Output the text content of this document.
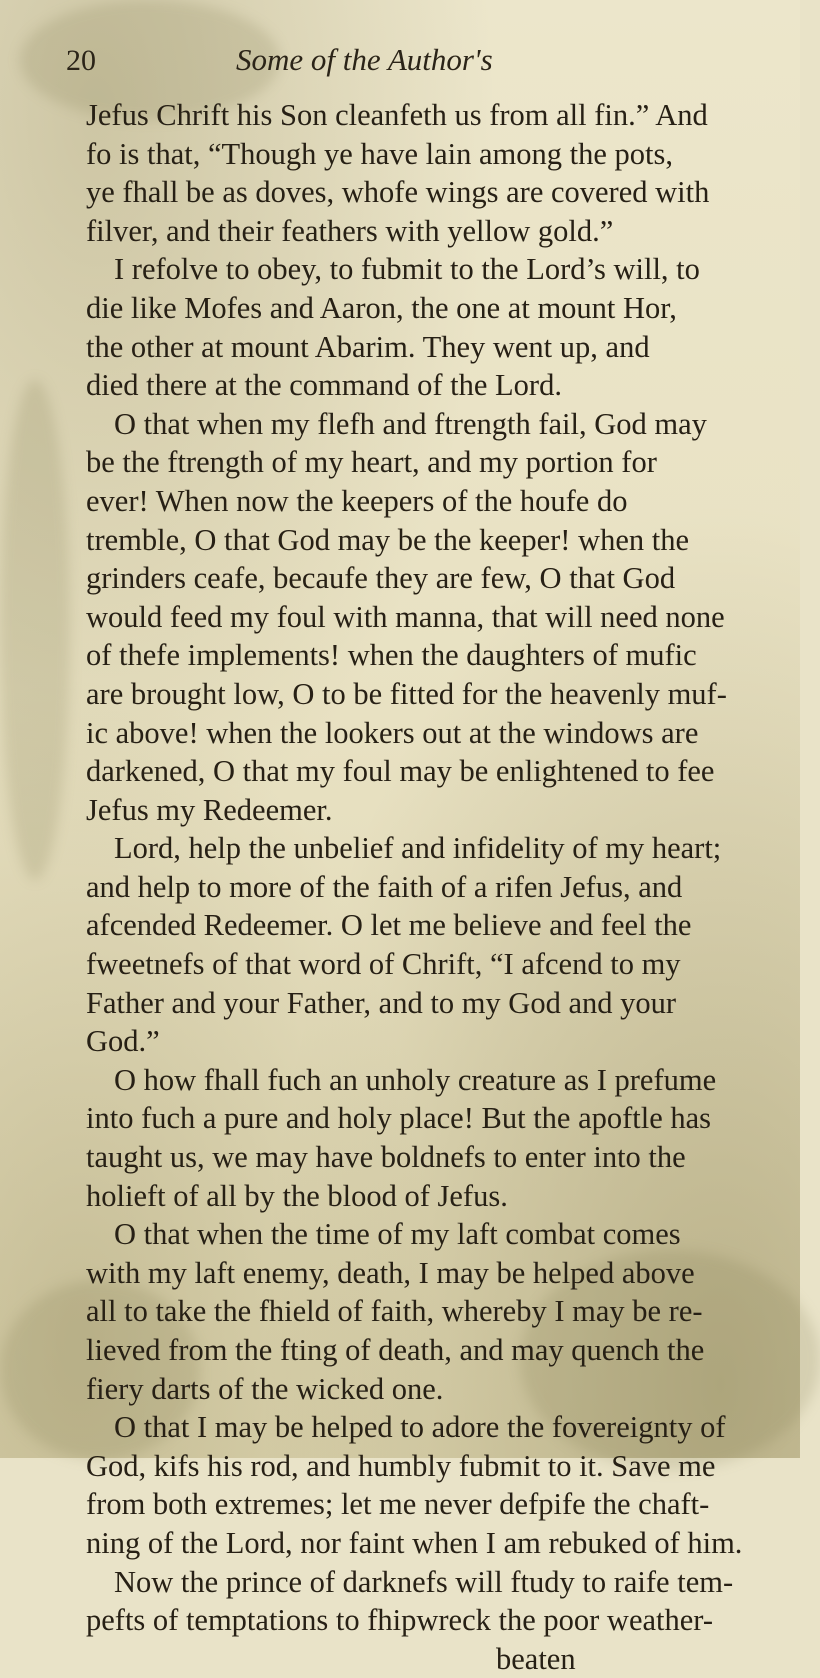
20	Some of the Author's
Jefus Chrift his Son cleanfeth us from all fin.” And
fo is that, “Though ye have lain among the pots,
ye fhall be as doves, whofe wings are covered with
filver, and their feathers with yellow gold.”
I refolve to obey, to fubmit to the Lord’s will, to
die like Mofes and Aaron, the one at mount Hor,
the other at mount Abarim. They went up, and
died there at the command of the Lord.
O that when my flefh and ftrength fail, God may
be the ftrength of my heart, and my portion for
ever! When now the keepers of the houfe do
tremble, O that God may be the keeper! when the
grinders ceafe, becaufe they are few, O that God
would feed my foul with manna, that will need none
of thefe implements! when the daughters of mufic
are brought low, O to be fitted for the heavenly muf-
ic above! when the lookers out at the windows are
darkened, O that my foul may be enlightened to fee
Jefus my Redeemer.
Lord, help the unbelief and infidelity of my heart;
and help to more of the faith of a rifen Jefus, and
afcended Redeemer. O let me believe and feel the
fweetnefs of that word of Chrift, “I afcend to my
Father and your Father, and to my God and your
God.”
O how fhall fuch an unholy creature as I prefume
into fuch a pure and holy place! But the apoftle has
taught us, we may have boldnefs to enter into the
holieft of all by the blood of Jefus.
O that when the time of my laft combat comes
with my laft enemy, death, I may be helped above
all to take the fhield of faith, whereby I may be re-
lieved from the fting of death, and may quench the
fiery darts of the wicked one.
O that I may be helped to adore the fovereignty of
God, kifs his rod, and humbly fubmit to it. Save me
from both extremes; let me never defpife the chaft-
ning of the Lord, nor faint when I am rebuked of him.
Now the prince of darknefs will ftudy to raife tem-
pefts of temptations to fhipwreck the poor weather-
beaten
